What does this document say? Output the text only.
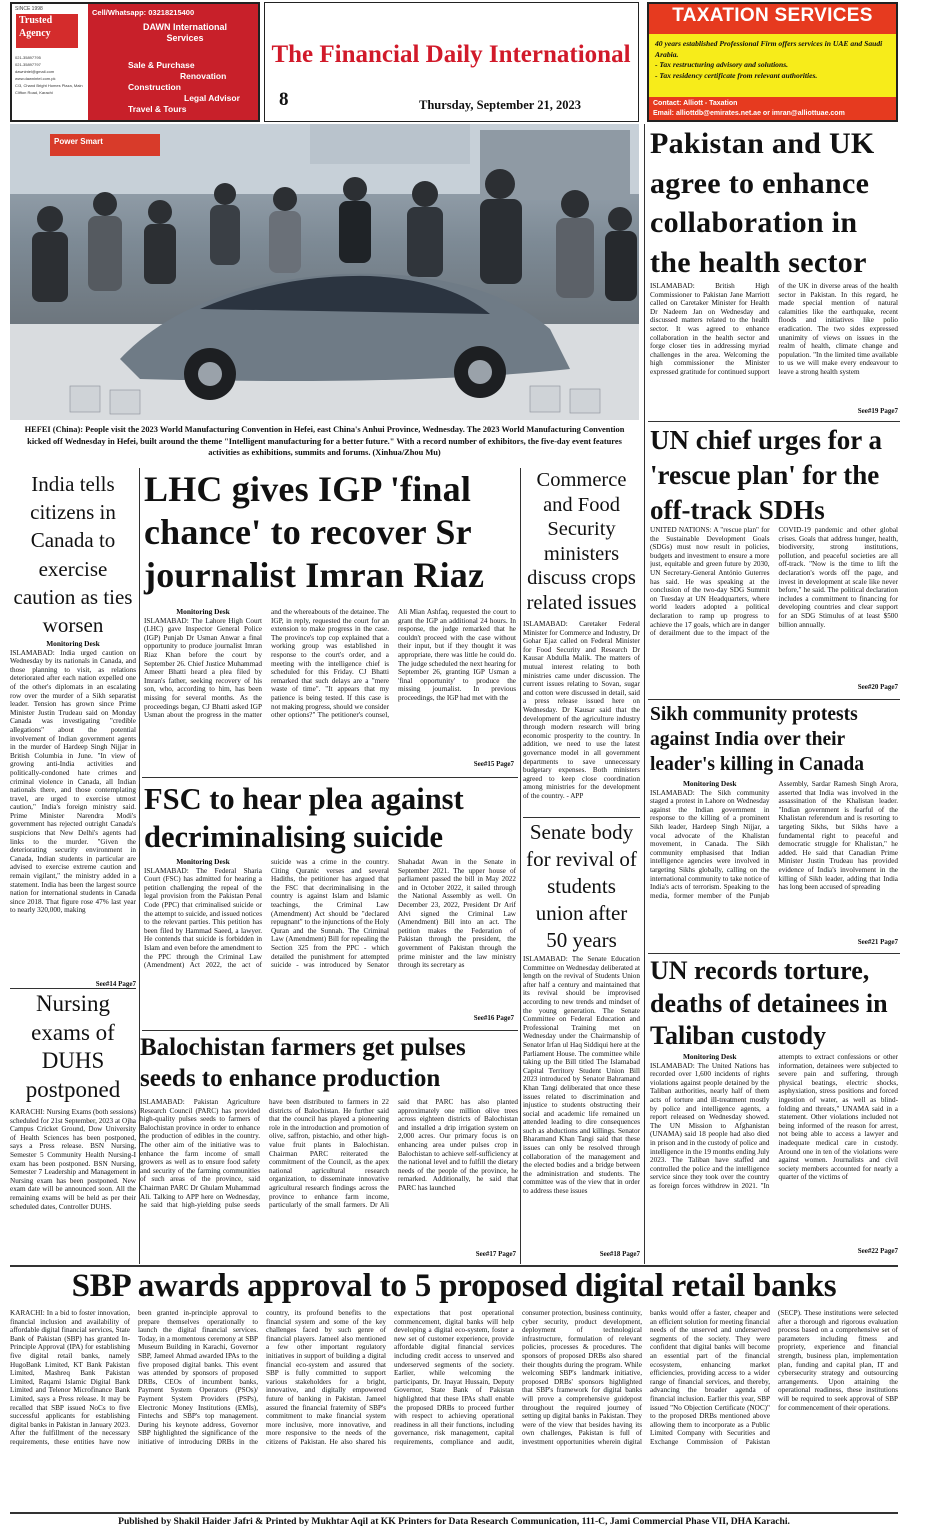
SINCE 1998
Trusted
Agency
021-35897795
021-35897797
dawnintel@gmail.com
www.dawnintel.com.pk
C/3, Chand Bright Homes Plaza, Main Clifton Road, Karachi
Cell/Whatsapp: 03218215400
DAWN International Services
Sale & Purchase
Renovation
Construction
Legal Advisor
Travel & Tours
The Financial Daily International
8	Thursday, September 21, 2023
TAXATION SERVICES
40 years established Professional Firm offers services in UAE and Saudi Arabia.
- Tax restructuring advisory and solutions.
- Tax residency certificate from relevant authorities.
Contact: Alliott - Taxation
Email: alliottdb@emirates.net.ae or imran@alliottuae.com
Power Smart
HEFEI (China): People visit the 2023 World Manufacturing Convention in Hefei, east China's Anhui Province, Wednesday. The 2023 World Manufacturing Convention kicked off Wednesday in Hefei, built around the theme "Intelligent manufacturing for a better future." With a record number of exhibitors, the five-day event features activities as exhibitions, summits and forums. (Xinhua/Zhou Mu)
Pakistan and UK agree to enhance collaboration in the health sector
ISLAMABAD: British High Commissioner to Pakistan Jane Marriott called on Caretaker Minister for Health Dr Nadeem Jan on Wednesday and discussed matters related to the health sector. It was agreed to enhance collaboration in the health sector and forge closer ties in addressing myriad challenges in the area. Welcoming the high commissioner the Minister expressed gratitude for continued support of the UK in diverse areas of the health sector in Pakistan. In this regard, he made special mention of natural calamities like the earthquake, recent floods and initiatives like polio eradication. The two sides expressed unanimity of views on issues in the realm of health, climate change and population. "In the limited time available to us we will make every endeavour to leave a strong health system
See#19 Page7
UN chief urges for a 'rescue plan' for the off-track SDHs
UNITED NATIONS: A "rescue plan" for the Sustainable Development Goals (SDGs) must now result in policies, budgets and investment to ensure a more just, equitable and green future by 2030, UN Secretary-General António Guterres has said. He was speaking at the conclusion of the two-day SDG Summit on Tuesday at UN Headquarters, where world leaders adopted a political declaration to ramp up progress to achieve the 17 goals, which are in danger of derailment due to the impact of the COVID-19 pandemic and other global crises. Goals that address hunger, health, biodiversity, strong institutions, pollution, and peaceful societies are all off-track. "Now is the time to lift the declaration's words off the page, and invest in development at scale like never before," he said. The political declaration includes a commitment to financing for developing countries and clear support for an SDG Stimulus of at least $500 billion annually.
See#20 Page7
Sikh community protests against India over their leader's killing in Canada
Monitoring Desk
ISLAMABAD: The Sikh community staged a protest in Lahore on Wednesday against the Indian government in response to the killing of a prominent Sikh leader, Hardeep Singh Nijjar, a vocal advocate of the Khalistan movement, in Canada. The Sikh community emphasised that Indian intelligence agencies were involved in targeting Sikhs globally, calling on the international community to take notice of India's acts of terrorism. Speaking to the media, former member of the Punjab Assembly, Sardar Ramesh Singh Arora, asserted that India was involved in the assassination of the Khalistan leader. "Indian government is fearful of the Khalistan referendum and is resorting to targeting Sikhs, but Sikhs have a fundamental right to peaceful and democratic struggle for Khalistan," he added. He said that Canadian Prime Minister Justin Trudeau has provided evidence of India's involvement in the killing of Sikh leader, adding that India has long been accused of spreading
See#21 Page7
UN records torture, deaths of detainees in Taliban custody
Monitoring Desk
ISLAMABAD: The United Nations has recorded over 1,600 incidents of rights violations against people detained by the Taliban authorities, nearly half of them acts of torture and ill-treatment mostly by police and intelligence agents, a report released on Wednesday showed. The UN Mission to Afghanistan (UNAMA) said 18 people had also died in prison and in the custody of police and intelligence in the 19 months ending July 2023. The Taliban have staffed and controlled the police and the intelligence service since they took over the country as foreign forces withdrew in 2021. "In attempts to extract confessions or other information, detainees were subjected to severe pain and suffering, through physical beatings, electric shocks, asphyxiation, stress positions and forced ingestion of water, as well as blind-folding and threats," UNAMA said in a statement. Other violations included not being informed of the reason for arrest, not being able to access a lawyer and inadequate medical care in custody. Around one in ten of the violations were against women. Journalists and civil society members accounted for nearly a quarter of the victims of
See#22 Page7
India tells citizens in Canada to exercise caution as ties worsen
Monitoring Desk
ISLAMABAD: India urged caution on Wednesday by its nationals in Canada, and those planning to visit, as relations deteriorated after each nation expelled one of the other's diplomats in an escalating row over the murder of a Sikh separatist leader. Tension has grown since Prime Minister Justin Trudeau said on Monday Canada was investigating "credible allegations" about the potential involvement of Indian government agents in the murder of Hardeep Singh Nijjar in British Columbia in June. "In view of growing anti-India activities and politically-condoned hate crimes and criminal violence in Canada, all Indian nationals there, and those contemplating travel, are urged to exercise utmost caution," India's foreign ministry said. Prime Minister Narendra Modi's government has rejected outright Canada's suspicions that New Delhi's agents had links to the murder. "Given the deteriorating security environment in Canada, Indian students in particular are advised to exercise extreme caution and remain vigilant," the ministry added in a statement. India has been the largest source nation for international students in Canada since 2018. That figure rose 47% last year to nearly 320,000, making
See#14 Page7
Nursing exams of DUHS postponed
KARACHI: Nursing Exams (both sessions) scheduled for 21st September, 2023 at Ojha Campus Cricket Ground, Dow University of Health Sciences has been postponed, says a Press release. BSN Nursing, Semester 5 Community Health Nursing-I exam has been postponed. BSN Nursing, Semester 7 Leadership and Management in Nursing exam has been postponed. New exam date will be announced soon. All the remaining exams will be held as per their scheduled dates, Controller DUHS.
LHC gives IGP 'final chance' to recover Sr journalist Imran Riaz
Monitoring Desk
ISLAMABAD: The Lahore High Court (LHC) gave Inspector General Police (IGP) Punjab Dr Usman Anwar a final opportunity to produce journalist Imran Riaz Khan before the court by September 26. Chief Justice Muhammad Ameer Bhatti heard a plea filed by Imran's father, seeking recovery of his son, who, according to him, has been missing for several months. As the proceedings began, CJ Bhatti asked IGP Usman about the progress in the matter and the whereabouts of the detainee. The IGP, in reply, requested the court for an extension to make progress in the case. The province's top cop explained that a working group was established in response to the court's order, and a meeting with the intelligence chief is scheduled for this Friday. CJ Bhatti remarked that such delays are a "mere waste of time". "It appears that my patience is being tested. If this case is not making progress, should we consider other options?" The petitioner's counsel, Ali Mian Ashfaq, requested the court to grant the IGP an additional 24 hours. In response, the judge remarked that he couldn't proceed with the case without their input, but if they thought it was appropriate, there was little he could do. The judge scheduled the next hearing for September 26, granting IGP Usman a 'final opportunity' to produce the missing journalist. In previous proceedings, the IGP had met with the
See#15 Page7
FSC to hear plea against decriminalising suicide
Monitoring Desk
ISLAMABAD: The Federal Sharia Court (FSC) has admitted for hearing a petition challenging the repeal of the legal provision from the Pakistan Penal Code (PPC) that criminalised suicide or the attempt to suicide, and issued notices to the relevant parties. This petition has been filed by Hammad Saeed, a lawyer. He contends that suicide is forbidden in Islam and even before the amendment to the PPC through the Criminal Law (Amendment) Act 2022, the act of suicide was a crime in the country. Citing Quranic verses and several Hadiths, the petitioner has argued that the FSC that decriminalising in the country is against Islam and Islamic teachings, the Criminal Law (Amendment) Act should be "declared repugnant" to the injunctions of the Holy Quran and the Sunnah. The Criminal Law (Amendment) Bill for repealing the Section 325 from the PPC - which detailed the punishment for attempted suicide - was introduced by Senator Shahadat Awan in the Senate in September 2021. The upper house of parliament passed the bill in May 2022 and in October 2022, it sailed through the National Assembly as well. On December 23, 2022, President Dr Arif Alvi signed the Criminal Law (Amendment) Bill into an act. The petition makes the Federation of Pakistan through the president, the government of Pakistan through the prime minister and the law ministry through its secretary as
See#16 Page7
Balochistan farmers get pulses seeds to enhance production
ISLAMABAD: Pakistan Agriculture Research Council (PARC) has provided high-quality pulses seeds to farmers of Balochistan province in order to enhance the production of edibles in the country. The other aim of the initiative was to enhance the farm income of small growers as well as to ensure food safety and security of the farming communities of such areas of the province, said Chairman PARC Dr Ghulam Muhammad Ali. Talking to APP here on Wednesday, he said that high-yielding pulse seeds have been distributed to farmers in 22 districts of Balochistan. He further said that the council has played a pioneering role in the introduction and promotion of olive, saffron, pistachio, and other high-value fruit plants in Balochistan. Chairman PARC reiterated the commitment of the Council, as the apex national agricultural research organization, to disseminate innovative agricultural research findings across the province to enhance farm income, particularly of the small farmers. Dr Ali said that PARC has also planted approximately one million olive trees across eighteen districts of Balochistan and installed a drip irrigation system on 2,000 acres. Our primary focus is on enhancing area under pulses crop in Balochistan to achieve self-sufficiency at the national level and to fulfill the dietary needs of the people of the province, he remarked. Additionally, he said that PARC has launched
See#17 Page7
Commerce and Food Security ministers discuss crops related issues
ISLAMABAD: Caretaker Federal Minister for Commerce and Industry, Dr Gohar Ejaz called on Federal Minister for Food Security and Research Dr Kausar Abdulla Malik. The matters of mutual interest relating to both ministries came under discussion. The current issues relating to Sovan, sugar and cotton were discussed in detail, said a press release issued here on Wednesday. Dr Kausar said that the development of the agriculture industry through modern research will bring economic prosperity to the country. In addition, we need to use the latest governance model in all government departments to save unnecessary budgetary expenses. Both ministers agreed to keep close coordination among ministries for the development of the country. - APP
Senate body for revival of students union after 50 years
ISLAMABAD: The Senate Education Committee on Wednesday deliberated at length on the revival of Students Union after half a century and maintained that its revival should be improvised according to new trends and mindset of the young generation. The Senate Committee on Federal Education and Professional Training met on Wednesday under the Chairmanship of Senator Irfan ul Haq Siddiqui here at the Parliament House. The committee while taking up the Bill titled The Islamabad Capital Territory Student Union Bill 2023 introduced by Senator Bahramand Khan Tangi deliberated that once these issues related to discrimination and injustice to students obstructing their social and academic life remained un attended leading to dire consequences such as abductions and killings. Senator Bharamand Khan Tangi said that these issues can only be resolved through collaboration of the management and the elected bodies and a bridge between the administration and students. The committee was of the view that in order to address these issues
See#18 Page7
SBP awards approval to 5 proposed digital retail banks
KARACHI: In a bid to foster innovation, financial inclusion and availability of affordable digital financial services, State Bank of Pakistan (SBP) has granted In-Principle Approval (IPA) for establishing five digital retail banks, namely HugoBank Limited, KT Bank Pakistan Limited, Mashreq Bank Pakistan Limited, Raqami Islamic Digital Bank Limited and Telenor Microfinance Bank Limited, says a Press release. It may be recalled that SBP issued NoCs to five successful applicants for establishing digital banks in Pakistan in January 2023. After the fulfillment of the necessary requirements, these entities have now been granted in-principle approval to prepare themselves operationally to launch the digital financial services. Today, in a momentous ceremony at SBP Museum Building in Karachi, Governor SBP, Jameel Ahmad awarded IPAs to the five proposed digital banks. This event was attended by sponsors of proposed DRBs, CEOs of incumbent banks, Payment System Operators (PSOs)/ Payment System Providers (PSPs), Electronic Money Institutions (EMIs), Fintechs and SBP's top management. During his keynote address, Governor SBP highlighted the significance of the initiative of introducing DRBs in the country, its profound benefits to the financial system and some of the key challenges faced by such genre of financial players. Jameel also mentioned a few other important regulatory initiatives in support of building a digital financial eco-system and assured that SBP is fully committed to support various stakeholders for a bright, innovative, and digitally empowered future of banking in Pakistan. Jameel assured the financial fraternity of SBP's commitment to make financial system more inclusive, more innovative, and more responsive to the needs of the citizens of Pakistan. He also shared his expectations that post operational commencement, digital banks will help developing a digital eco-system, foster a new set of customer experience, provide affordable digital financial services including credit access to unserved and underserved segments of the society. Earlier, while welcoming the participants, Dr. Inayat Hussain, Deputy Governor, State Bank of Pakistan highlighted that these IPAs shall enable the proposed DRBs to proceed further with respect to achieving operational readiness in all their functions, including governance, risk management, capital requirements, compliance and audit, consumer protection, business continuity, cyber security, product development, deployment of technological infrastructure, formulation of relevant policies, processes & procedures. The sponsors of proposed DRBs also shared their thoughts during the program. While welcoming SBP's landmark initiative, proposed DRBs' sponsors highlighted that SBP's framework for digital banks will prove a comprehensive guidepost throughout the required journey of setting up digital banks in Pakistan. They were of the view that besides having its own challenges, Pakistan is full of investment opportunities wherein digital banks would offer a faster, cheaper and an efficient solution for meeting financial needs of the unserved and underserved segments of the society. They were confident that digital banks will become an essential part of the financial ecosystem, enhancing market efficiencies, providing access to a wider range of financial services, and thereby, advancing the broader agenda of financial inclusion. Earlier this year, SBP issued "No Objection Certificate (NOC)" to the proposed DRBs mentioned above allowing them to incorporate as a Public Limited Company with Securities and Exchange Commission of Pakistan (SECP). These institutions were selected after a thorough and rigorous evaluation process based on a comprehensive set of parameters including fitness and propriety, experience and financial strength, business plan, implementation plan, funding and capital plan, IT and cybersecurity strategy and outsourcing arrangements. Upon attaining the operational readiness, these institutions will be required to seek approval of SBP for commencement of their operations.
Published by Shakil Haider Jafri & Printed by Mukhtar Aqil at KK Printers for Data Research Communication, 111-C, Jami Commercial Phase VII, DHA Karachi.
